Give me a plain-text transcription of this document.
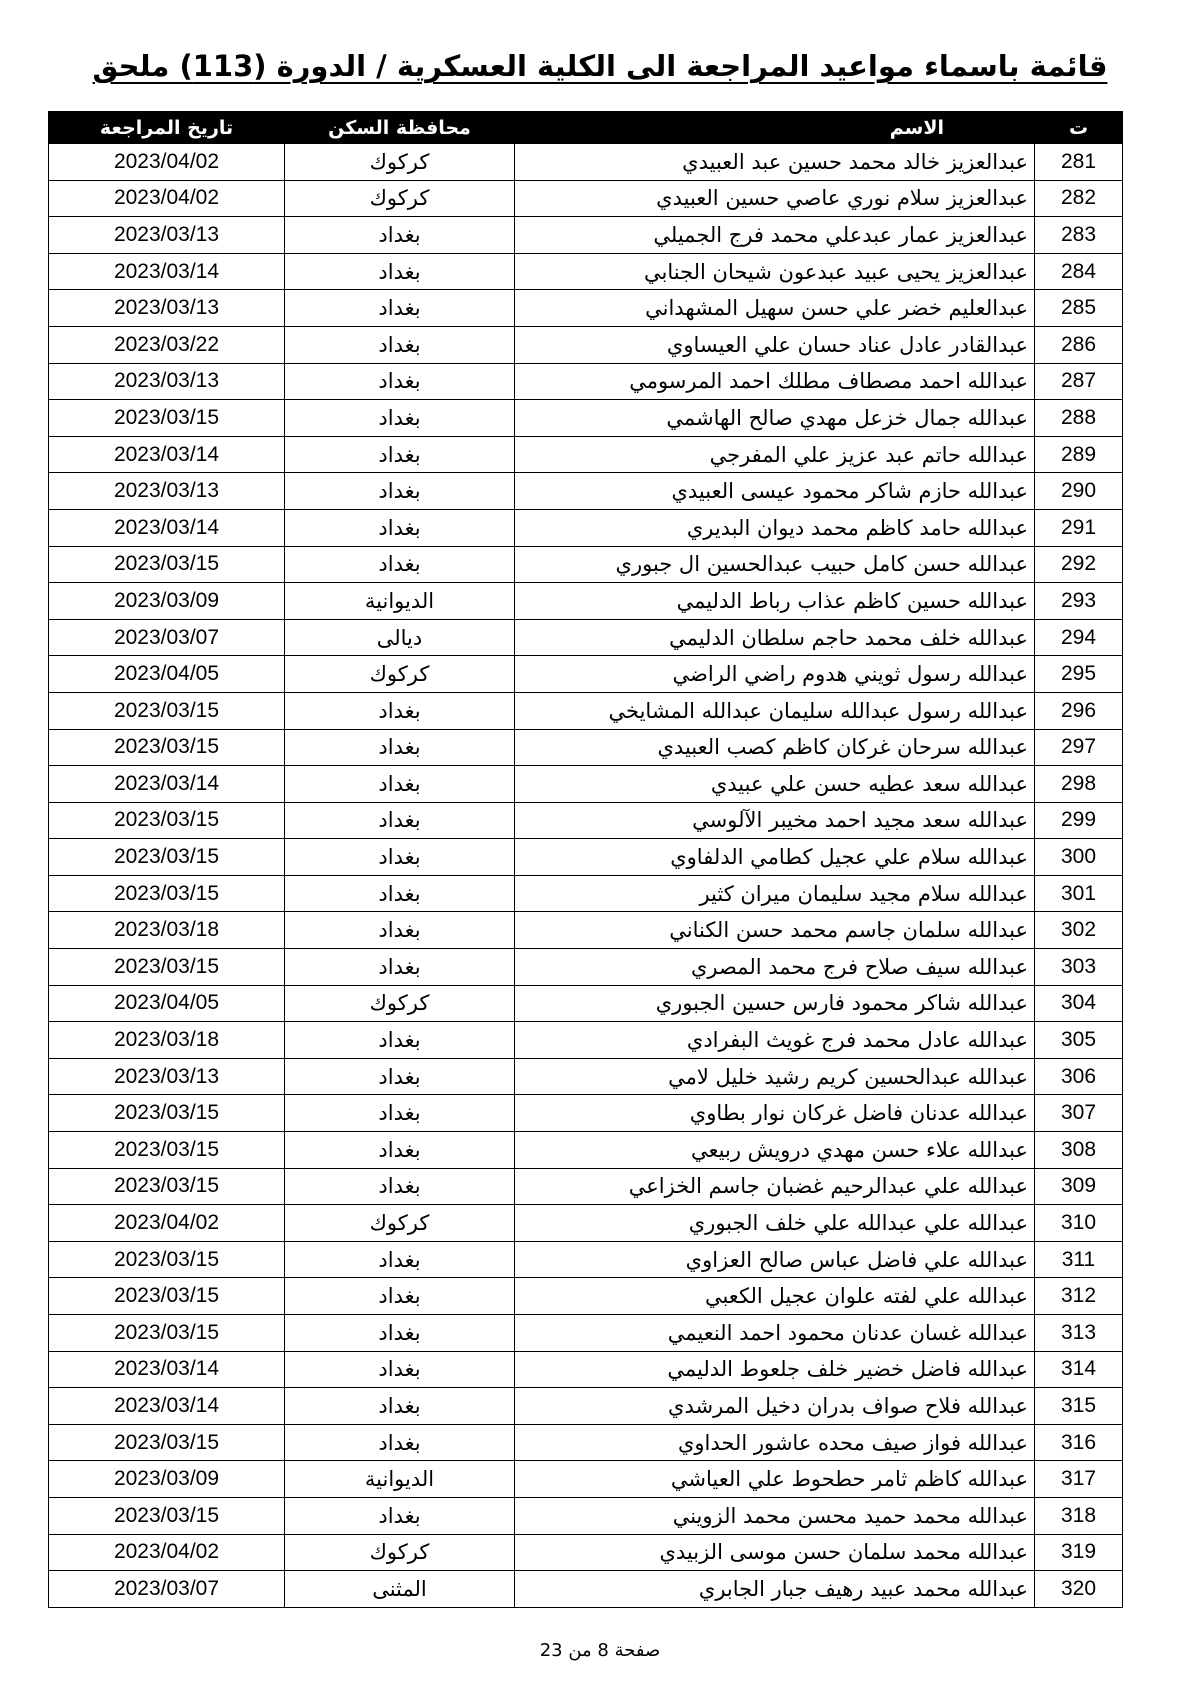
قائمة باسماء مواعيد المراجعة الى الكلية العسكرية / الدورة (113) ملحق
ت	الاسم	محافظة السكن	تاريخ المراجعة
281	عبدالعزيز خالد محمد حسين عبد العبيدي	كركوك	2023/04/02
282	عبدالعزيز سلام نوري عاصي حسين العبيدي	كركوك	2023/04/02
283	عبدالعزيز عمار عبدعلي محمد فرج الجميلي	بغداد	2023/03/13
284	عبدالعزيز يحيى عبيد عبدعون شيحان الجنابي	بغداد	2023/03/14
285	عبدالعليم خضر علي حسن سهيل المشهداني	بغداد	2023/03/13
286	عبدالقادر عادل عناد حسان علي العيساوي	بغداد	2023/03/22
287	عبدالله احمد مصطاف مطلك احمد المرسومي	بغداد	2023/03/13
288	عبدالله جمال خزعل مهدي صالح الهاشمي	بغداد	2023/03/15
289	عبدالله حاتم عبد عزيز علي المفرجي	بغداد	2023/03/14
290	عبدالله حازم شاكر محمود عيسى العبيدي	بغداد	2023/03/13
291	عبدالله حامد كاظم محمد ديوان البديري	بغداد	2023/03/14
292	عبدالله حسن كامل حبيب عبدالحسين ال جبوري	بغداد	2023/03/15
293	عبدالله حسين كاظم عذاب رباط الدليمي	الديوانية	2023/03/09
294	عبدالله خلف محمد حاجم سلطان الدليمي	ديالى	2023/03/07
295	عبدالله رسول ثويني هدوم راضي الراضي	كركوك	2023/04/05
296	عبدالله رسول عبدالله سليمان عبدالله المشايخي	بغداد	2023/03/15
297	عبدالله سرحان غركان كاظم كصب العبيدي	بغداد	2023/03/15
298	عبدالله سعد عطيه حسن علي عبيدي	بغداد	2023/03/14
299	عبدالله سعد مجيد احمد مخيبر الآلوسي	بغداد	2023/03/15
300	عبدالله سلام علي عجيل كطامي الدلفاوي	بغداد	2023/03/15
301	عبدالله سلام مجيد سليمان ميران كثير	بغداد	2023/03/15
302	عبدالله سلمان جاسم محمد حسن الكناني	بغداد	2023/03/18
303	عبدالله سيف صلاح فرج محمد المصري	بغداد	2023/03/15
304	عبدالله شاكر محمود فارس حسين الجبوري	كركوك	2023/04/05
305	عبدالله عادل محمد فرج غويث البفرادي	بغداد	2023/03/18
306	عبدالله عبدالحسين كريم رشيد خليل لامي	بغداد	2023/03/13
307	عبدالله عدنان فاضل غركان نوار بطاوي	بغداد	2023/03/15
308	عبدالله علاء حسن مهدي درويش ربيعي	بغداد	2023/03/15
309	عبدالله علي عبدالرحيم غضبان جاسم الخزاعي	بغداد	2023/03/15
310	عبدالله علي عبدالله علي خلف الجبوري	كركوك	2023/04/02
311	عبدالله علي فاضل عباس صالح العزاوي	بغداد	2023/03/15
312	عبدالله علي لفته علوان عجيل الكعبي	بغداد	2023/03/15
313	عبدالله غسان عدنان محمود احمد النعيمي	بغداد	2023/03/15
314	عبدالله فاضل خضير خلف جلعوط الدليمي	بغداد	2023/03/14
315	عبدالله فلاح صواف بدران دخيل المرشدي	بغداد	2023/03/14
316	عبدالله فواز صيف محده عاشور الحداوي	بغداد	2023/03/15
317	عبدالله كاظم ثامر حطحوط علي العياشي	الديوانية	2023/03/09
318	عبدالله محمد حميد محسن محمد الزويني	بغداد	2023/03/15
319	عبدالله محمد سلمان حسن موسى الزبيدي	كركوك	2023/04/02
320	عبدالله محمد عبيد رهيف جبار الجابري	المثنى	2023/03/07
صفحة 8 من 23
